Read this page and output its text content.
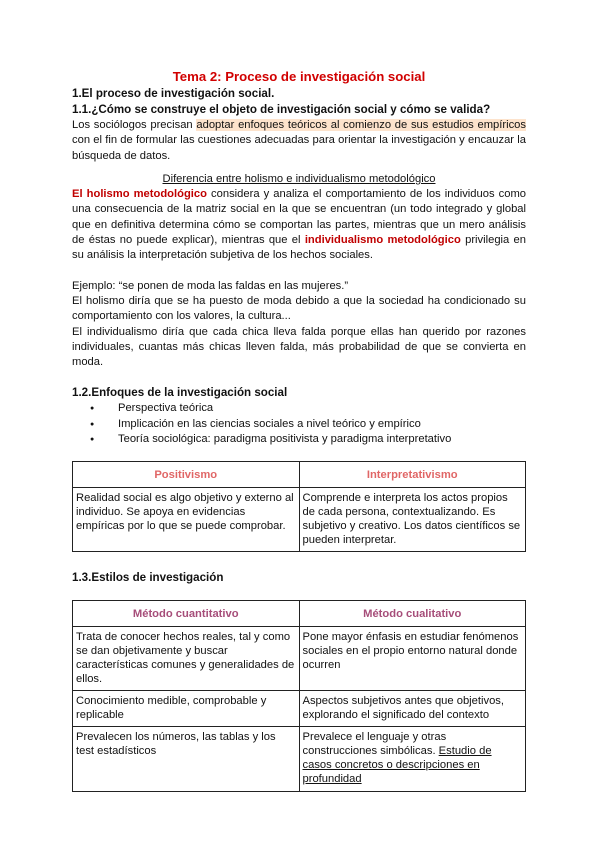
Tema 2: Proceso de investigación social

1.El proceso de investigación social.

1.1.¿Cómo se construye el objeto de investigación social y cómo se valida?

Los sociólogos precisan adoptar enfoques teóricos al comienzo de sus estudios empíricos con el fin de formular las cuestiones adecuadas para orientar la investigación y encauzar la búsqueda de datos.

Diferencia entre holismo e individualismo metodológico

El holismo metodológico considera y analiza el comportamiento de los individuos como una consecuencia de la matriz social en la que se encuentran (un todo integrado y global que en definitiva determina cómo se comportan las partes, mientras que un mero análisis de éstas no puede explicar), mientras que el individualismo metodológico privilegia en su análisis la interpretación subjetiva de los hechos sociales.

Ejemplo: “se ponen de moda las faldas en las mujeres.”

El holismo diría que se ha puesto de moda debido a que la sociedad ha condicionado su comportamiento con los valores, la cultura...

El individualismo diría que cada chica lleva falda porque ellas han querido por razones individuales, cuantas más chicas lleven falda, más probabilidad de que se convierta en moda.

1.2.Enfoques de la investigación social

● Perspectiva teórica
● Implicación en las ciencias sociales a nivel teórico y empírico
● Teoría sociológica: paradigma positivista y paradigma interpretativo
Positivismo	Interpretativismo
Realidad social es algo objetivo y externo al individuo. Se apoya en evidencias empíricas por lo que se puede comprobar.	Comprende e interpreta los actos propios de cada persona, contextualizando. Es subjetivo y creativo. Los datos científicos se pueden interpretar.

1.3.Estilos de investigación

Método cuantitativo	Método cualitativo
Trata de conocer hechos reales, tal y como se dan objetivamente y buscar características comunes y generalidades de ellos.	Pone mayor énfasis en estudiar fenómenos sociales en el propio entorno natural donde ocurren
Conocimiento medible, comprobable y replicable	Aspectos subjetivos antes que objetivos, explorando el significado del contexto
Prevalecen los números, las tablas y los test estadísticos	Prevalece el lenguaje y otras construcciones simbólicas. Estudio de casos concretos o descripciones en profundidad
